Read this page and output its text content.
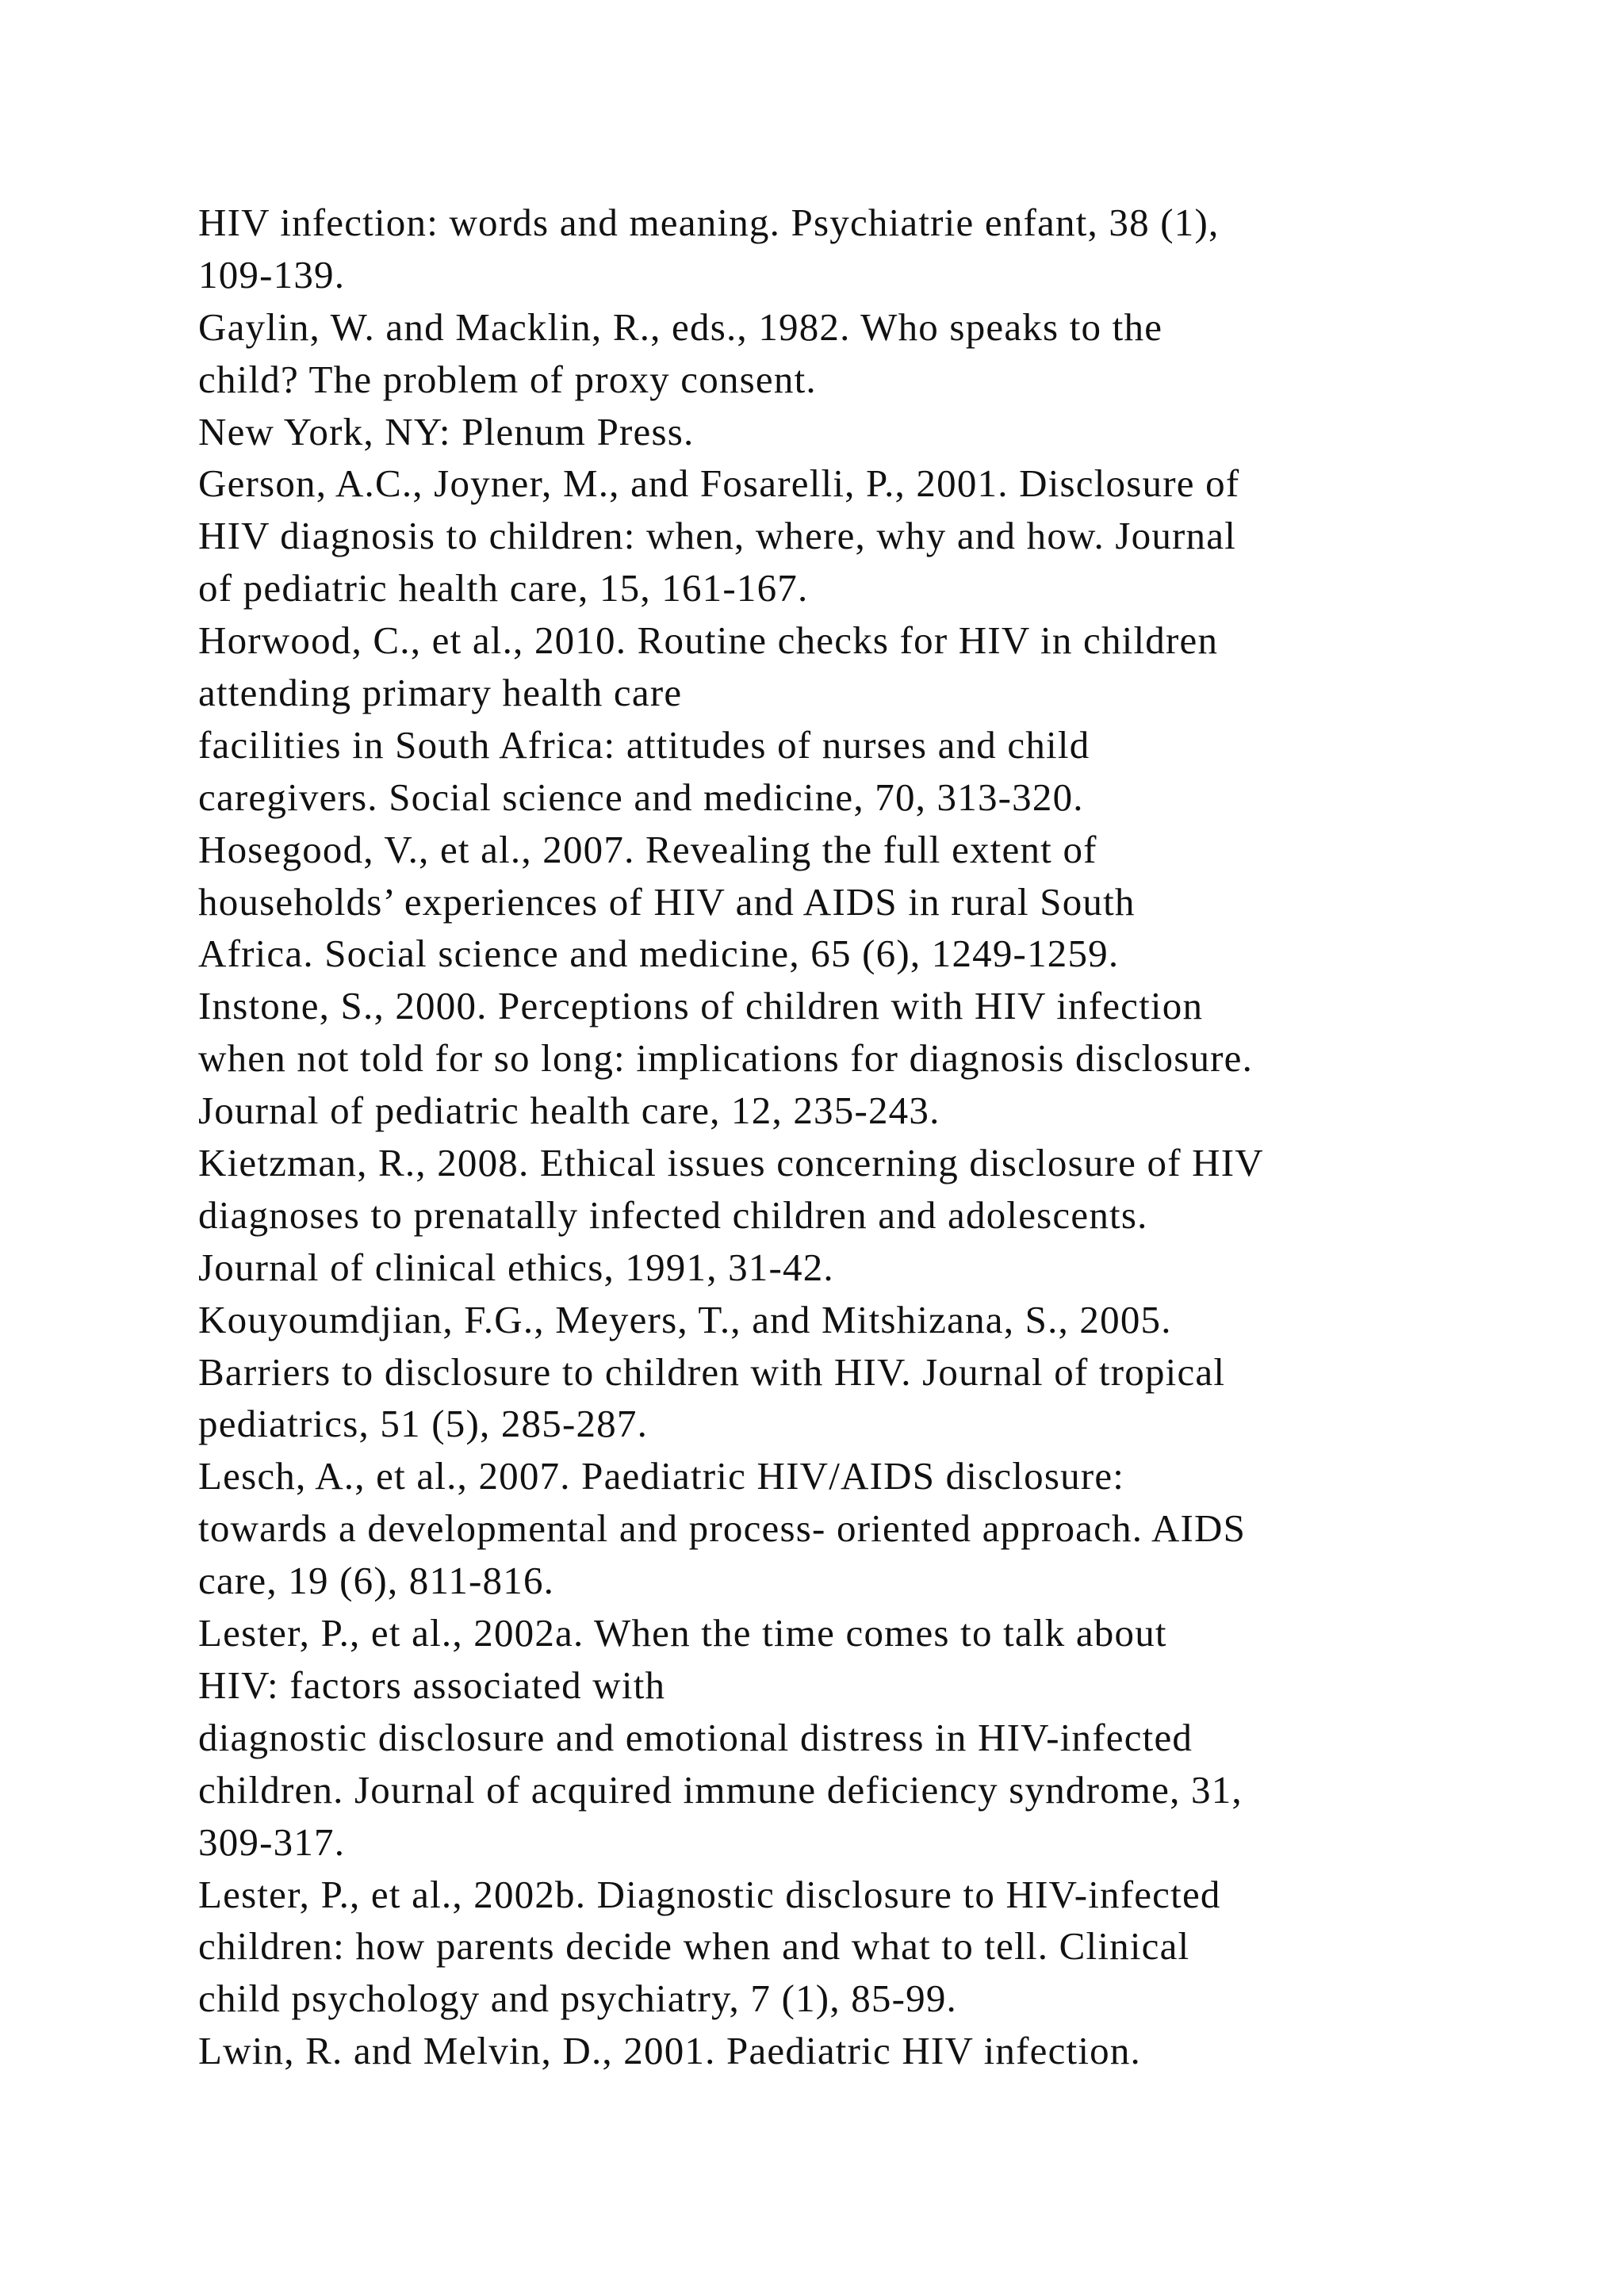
HIV infection: words and meaning. Psychiatrie enfant, 38 (1),
109-139.
Gaylin, W. and Macklin, R., eds., 1982. Who speaks to the
child? The problem of proxy consent.
New York, NY: Plenum Press.
Gerson, A.C., Joyner, M., and Fosarelli, P., 2001. Disclosure of
HIV diagnosis to children: when, where, why and how. Journal
of pediatric health care, 15, 161-167.
Horwood, C., et al., 2010. Routine checks for HIV in children
attending primary health care
facilities in South Africa: attitudes of nurses and child
caregivers. Social science and medicine, 70, 313-320.
Hosegood, V., et al., 2007. Revealing the full extent of
households’ experiences of HIV and AIDS in rural South
Africa. Social science and medicine, 65 (6), 1249-1259.
Instone, S., 2000. Perceptions of children with HIV infection
when not told for so long: implications for diagnosis disclosure.
Journal of pediatric health care, 12, 235-243.
Kietzman, R., 2008. Ethical issues concerning disclosure of HIV
diagnoses to prenatally infected children and adolescents.
Journal of clinical ethics, 1991, 31-42.
Kouyoumdjian, F.G., Meyers, T., and Mitshizana, S., 2005.
Barriers to disclosure to children with HIV. Journal of tropical
pediatrics, 51 (5), 285-287.
Lesch, A., et al., 2007. Paediatric HIV/AIDS disclosure:
towards a developmental and process- oriented approach. AIDS
care, 19 (6), 811-816.
Lester, P., et al., 2002a. When the time comes to talk about
HIV: factors associated with
diagnostic disclosure and emotional distress in HIV-infected
children. Journal of acquired immune deficiency syndrome, 31,
309-317.
Lester, P., et al., 2002b. Diagnostic disclosure to HIV-infected
children: how parents decide when and what to tell. Clinical
child psychology and psychiatry, 7 (1), 85-99.
Lwin, R. and Melvin, D., 2001. Paediatric HIV infection.
